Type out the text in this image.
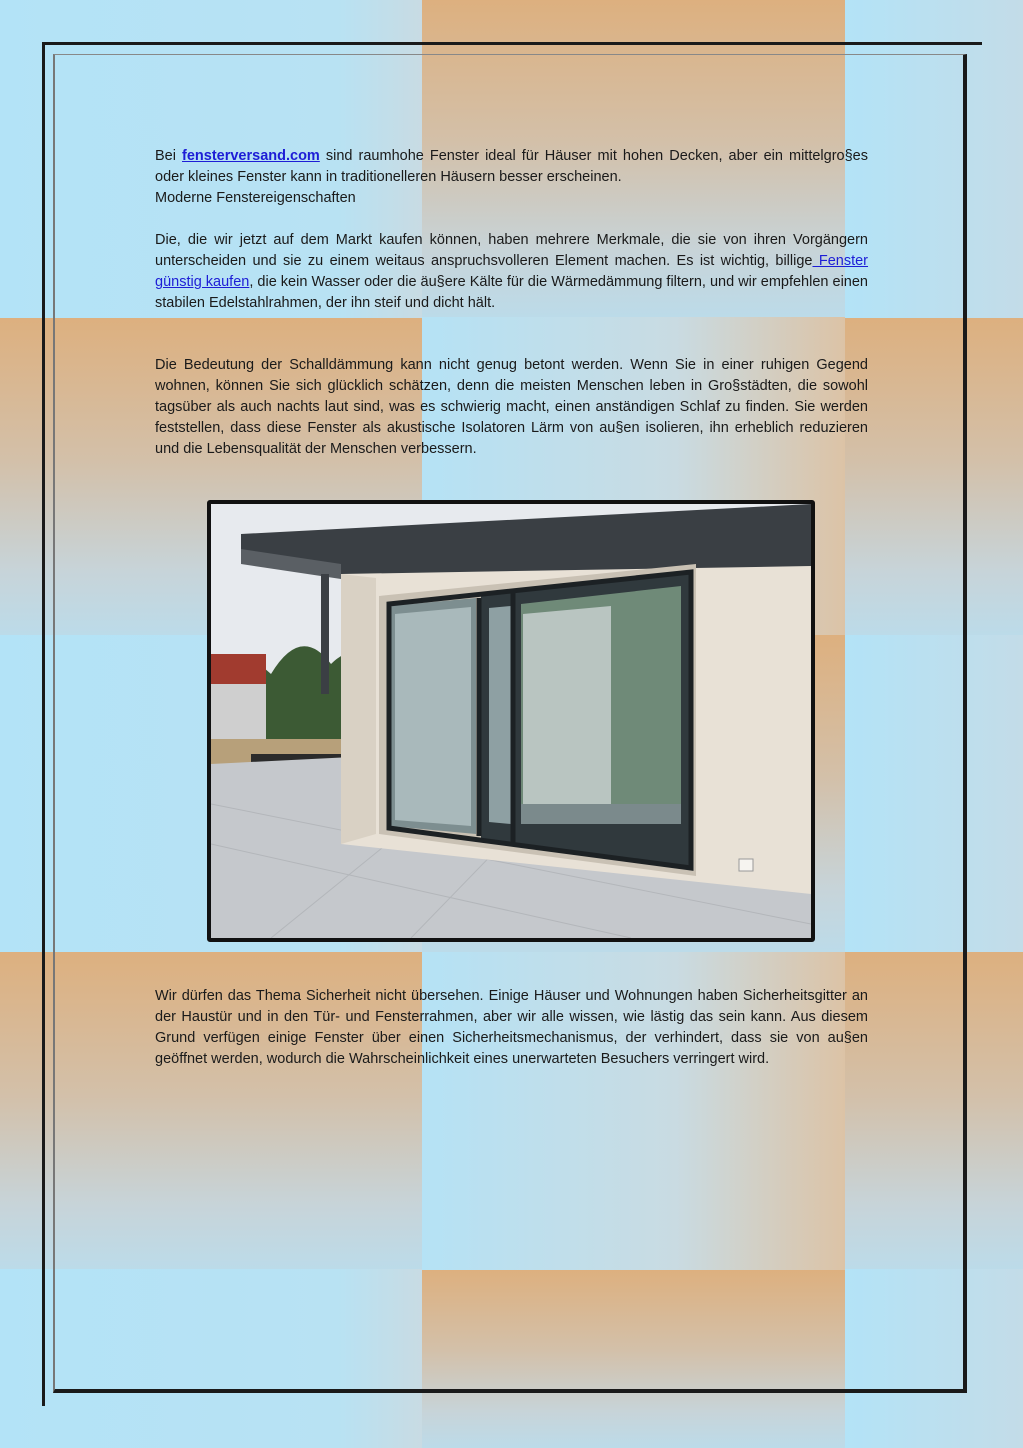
Bei fensterversand.com sind raumhohe Fenster ideal für Häuser mit hohen Decken, aber ein mittelgro§es oder kleines Fenster kann in traditionelleren Häusern besser erscheinen.

Moderne Fenstereigenschaften

Die, die wir jetzt auf dem Markt kaufen können, haben mehrere Merkmale, die sie von ihren Vorgängern unterscheiden und sie zu einem weitaus anspruchsvolleren Element machen. Es ist wichtig, billige Fenster günstig kaufen, die kein Wasser oder die äu§ere Kälte für die Wärmedämmung filtern, und wir empfehlen einen stabilen Edelstahlrahmen, der ihn steif und dicht hält.

Die Bedeutung der Schalldämmung kann nicht genug betont werden. Wenn Sie in einer ruhigen Gegend wohnen, können Sie sich glücklich schätzen, denn die meisten Menschen leben in Gro§städten, die sowohl tagsüber als auch nachts laut sind, was es schwierig macht, einen anständigen Schlaf zu finden. Sie werden feststellen, dass diese Fenster als akustische Isolatoren Lärm von au§en isolieren, ihn erheblich reduzieren und die Lebensqualität der Menschen verbessern.

Wir dürfen das Thema Sicherheit nicht übersehen. Einige Häuser und Wohnungen haben Sicherheitsgitter an der Haustür und in den Tür- und Fensterrahmen, aber wir alle wissen, wie lästig das sein kann. Aus diesem Grund verfügen einige Fenster über einen Sicherheitsmechanismus, der verhindert, dass sie von au§en geöffnet werden, wodurch die Wahrscheinlichkeit eines unerwarteten Besuchers verringert wird.
